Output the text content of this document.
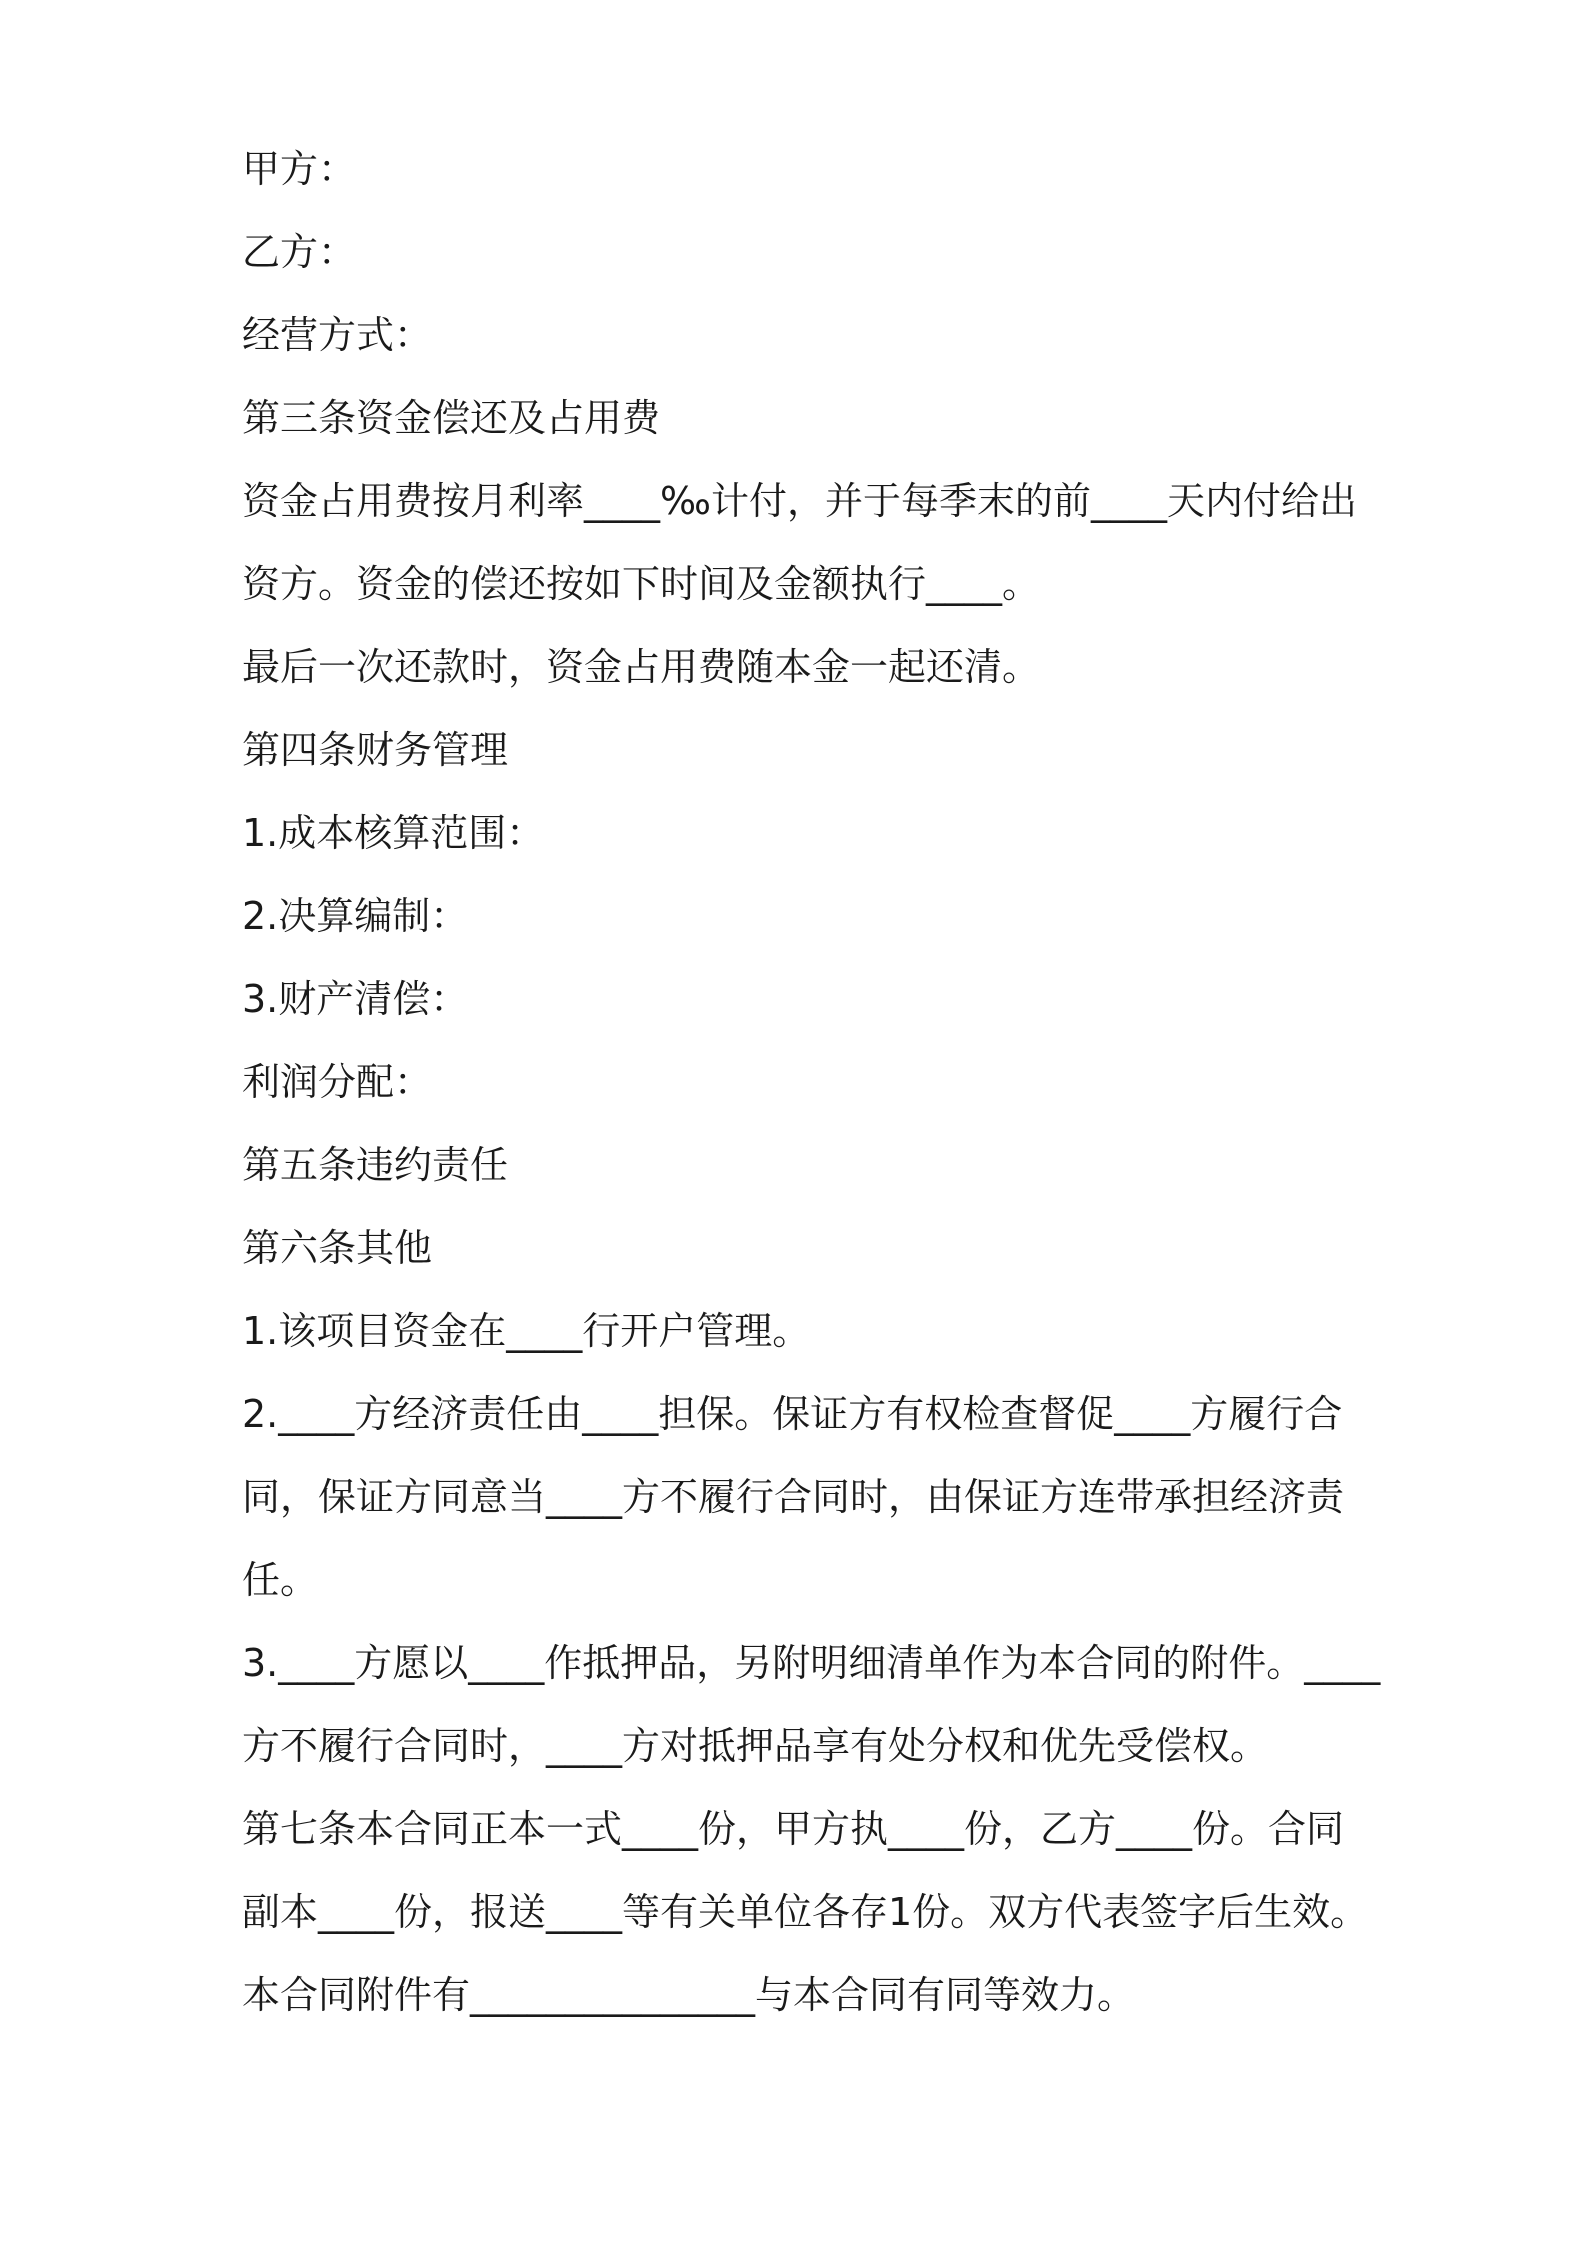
甲方：
乙方：
经营方式：
第三条资金偿还及占用费
资金占用费按月利率____‰计付，并于每季末的前____天内付给出
资方。资金的偿还按如下时间及金额执行____。
最后一次还款时，资金占用费随本金一起还清。
第四条财务管理
1.成本核算范围：
2.决算编制：
3.财产清偿：
利润分配：
第五条违约责任
第六条其他
1.该项目资金在____行开户管理。
2.____方经济责任由____担保。保证方有权检查督促____方履行合
同，保证方同意当____方不履行合同时，由保证方连带承担经济责
任。
3.____方愿以____作抵押品，另附明细清单作为本合同的附件。____
方不履行合同时，____方对抵押品享有处分权和优先受偿权。
第七条本合同正本一式____份，甲方执____份，乙方____份。合同
副本____份，报送____等有关单位各存1份。双方代表签字后生效。
本合同附件有_______________与本合同有同等效力。
